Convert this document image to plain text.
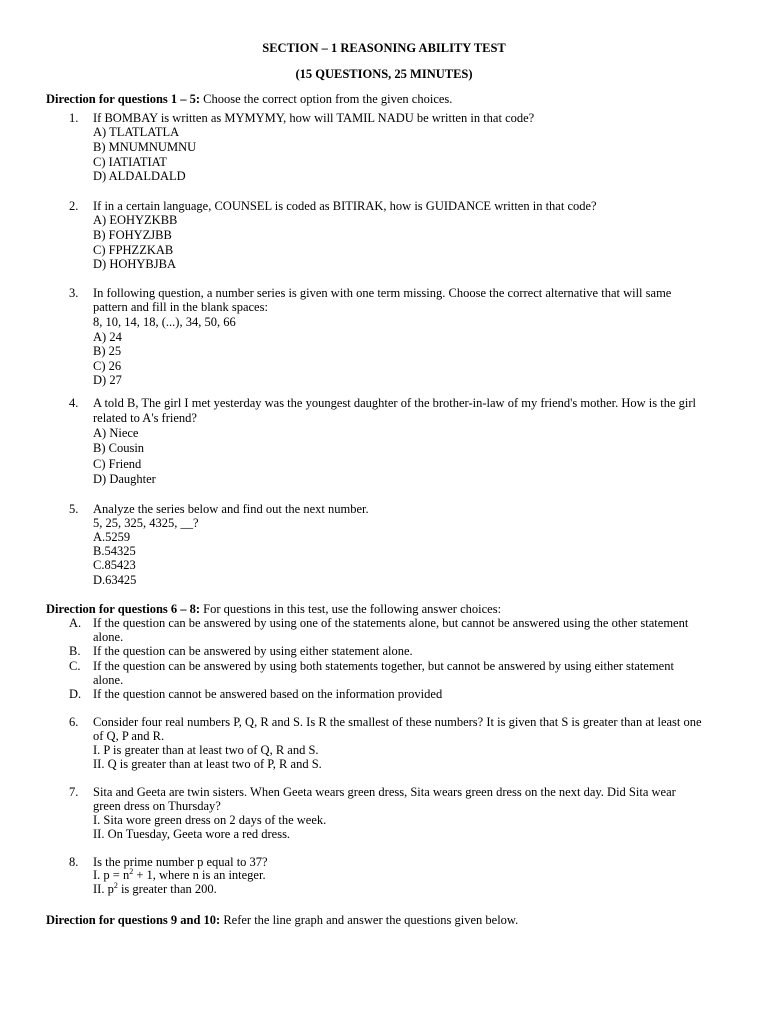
SECTION – 1 REASONING ABILITY TEST

(15 QUESTIONS, 25 MINUTES)

Direction for questions 1 – 5: Choose the correct option from the given choices.

1. If BOMBAY is written as MYMYMY, how will TAMIL NADU be written in that code?
A) TLATLATLA
B) MNUMNUMNU
C) IATIATIAT
D) ALDALDALD
2. If in a certain language, COUNSEL is coded as BITIRAK, how is GUIDANCE written in that code?
A) EOHYZKBB
B) FOHYZJBB
C) FPHZZKAB
D) HOHYBJBA
3. In following question, a number series is given with one term missing. Choose the correct alternative that will same
pattern and fill in the blank spaces:
8, 10, 14, 18, (...), 34, 50, 66
A) 24
B) 25
C) 26
D) 27
4. A told B, The girl I met yesterday was the youngest daughter of the brother-in-law of my friend's mother. How is the girl
related to A's friend?
A) Niece
B) Cousin
C) Friend
D) Daughter
5. Analyze the series below and find out the next number.
5, 25, 325, 4325, __?
A.5259
B.54325
C.85423
D.63425

Direction for questions 6 – 8: For questions in this test, use the following answer choices:

A. If the question can be answered by using one of the statements alone, but cannot be answered using the other statement
alone.
B. If the question can be answered by using either statement alone.
C. If the question can be answered by using both statements together, but cannot be answered by using either statement
alone.
D. If the question cannot be answered based on the information provided
6. Consider four real numbers P, Q, R and S. Is R the smallest of these numbers? It is given that S is greater than at least one
of Q, P and R.
I. P is greater than at least two of Q, R and S.
II. Q is greater than at least two of P, R and S.
7. Sita and Geeta are twin sisters. When Geeta wears green dress, Sita wears green dress on the next day. Did Sita wear
green dress on Thursday?
I. Sita wore green dress on 2 days of the week.
II. On Tuesday, Geeta wore a red dress.
8. Is the prime number p equal to 37?
I. $p = n^2 + 1$, where n is an integer.
II. $p^2$ is greater than 200.

Direction for questions 9 and 10: Refer the line graph and answer the questions given below.
